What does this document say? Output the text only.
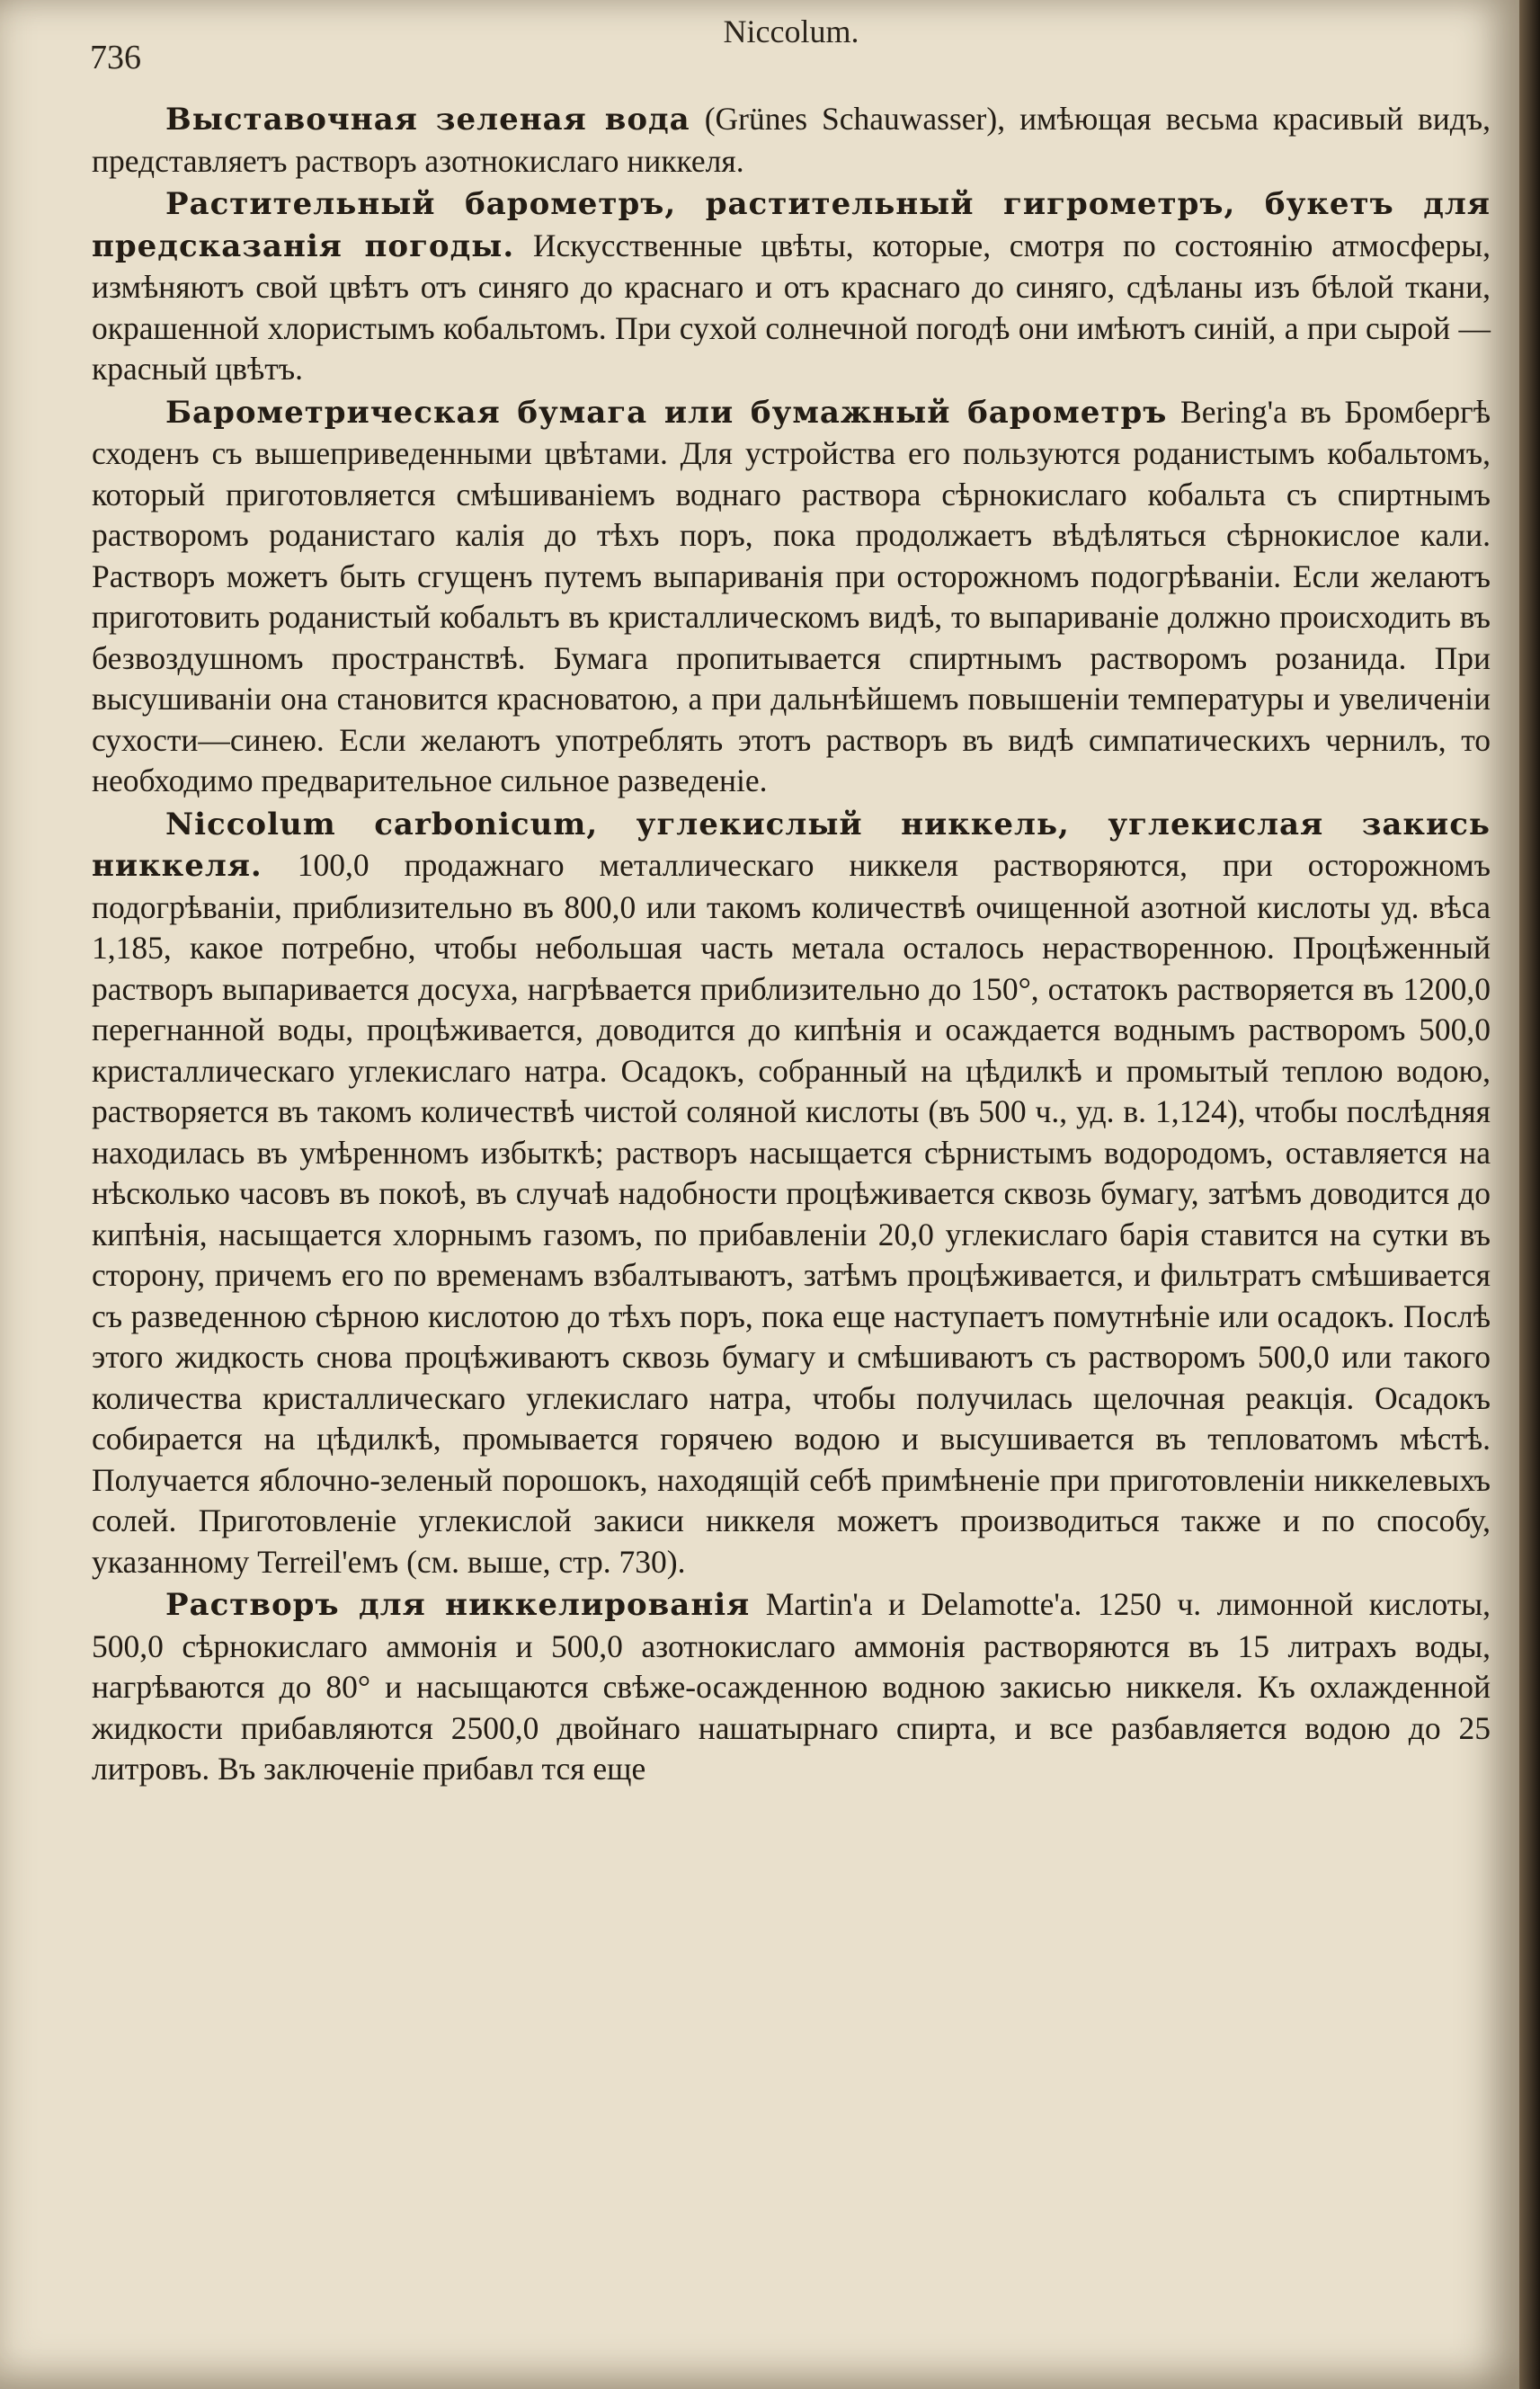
736
Niccolum.

Выставочная зеленая вода (Grünes Schauwasser), имѣющая весьма красивый видъ, представляетъ растворъ азотнокислаго никкеля.

Растительный барометръ, растительный гигрометръ, букетъ для предсказанія погоды. Искусственные цвѣты, которые, смотря по состоянію атмосферы, измѣняютъ свой цвѣтъ отъ синяго до краснаго и отъ краснаго до синяго, сдѣланы изъ бѣлой ткани, окрашенной хлористымъ кобальтомъ. При сухой солнечной погодѣ они имѣютъ синій, а при сырой — красный цвѣтъ.

Барометрическая бумага или бумажный барометръ Bering'a въ Бромбергѣ сходенъ съ вышеприведенными цвѣтами. Для устройства его пользуются роданистымъ кобальтомъ, который приготовляется смѣшиваніемъ воднаго раствора сѣрнокислаго кобальта съ спиртнымъ растворомъ роданистаго калія до тѣхъ поръ, пока продолжаетъ вѣдѣляться сѣрнокислое кали. Растворъ можетъ быть сгущенъ путемъ выпариванія при осторожномъ подогрѣваніи. Если желаютъ приготовить роданистый кобальтъ въ кристаллическомъ видѣ, то выпариваніе должно происходить въ безвоздушномъ пространствѣ. Бумага пропитывается спиртнымъ растворомъ розанида. При высушиваніи она становится красноватою, а при дальнѣйшемъ повышеніи температуры и увеличеніи сухости—синею. Если желаютъ употреблять этотъ растворъ въ видѣ симпатическихъ чернилъ, то необходимо предварительное сильное разведеніе.

Niccolum carbonicum, углекислый никкель, углекислая закись никкеля. 100,0 продажнаго металлическаго никкеля растворяются, при осторожномъ подогрѣваніи, приблизительно въ 800,0 или такомъ количествѣ очищенной азотной кислоты уд. вѣса 1,185, какое потребно, чтобы небольшая часть метала осталось нерастворенною. Процѣженный растворъ выпаривается досуха, нагрѣвается приблизительно до 150°, остатокъ растворяется въ 1200,0 перегнанной воды, процѣживается, доводится до кипѣнія и осаждается воднымъ растворомъ 500,0 кристаллическаго углекислаго натра. Осадокъ, собранный на цѣдилкѣ и промытый теплою водою, растворяется въ такомъ количествѣ чистой соляной кислоты (въ 500 ч., уд. в. 1,124), чтобы послѣдняя находилась въ умѣренномъ избыткѣ; растворъ насыщается сѣрнистымъ водородомъ, оставляется на нѣсколько часовъ въ покоѣ, въ случаѣ надобности процѣживается сквозь бумагу, затѣмъ доводится до кипѣнія, насыщается хлорнымъ газомъ, по прибавленіи 20,0 углекислаго барія ставится на сутки въ сторону, причемъ его по временамъ взбалтываютъ, затѣмъ процѣживается, и фильтратъ смѣшивается съ разведенною сѣрною кислотою до тѣхъ поръ, пока еще наступаетъ помутнѣніе или осадокъ. Послѣ этого жидкость снова процѣживаютъ сквозь бумагу и смѣшиваютъ съ растворомъ 500,0 или такого количества кристаллическаго углекислаго натра, чтобы получилась щелочная реакція. Осадокъ собирается на цѣдилкѣ, промывается горячею водою и высушивается въ тепловатомъ мѣстѣ. Получается яблочно-зеленый порошокъ, находящій себѣ примѣненіе при приготовленіи никкелевыхъ солей. Приготовленіе углекислой закиси никкеля можетъ производиться также и по способу, указанному Terreil'емъ (см. выше, стр. 730).

Растворъ для никкелированія Martin'a и Delamotte'a. 1250 ч. лимонной кислоты, 500,0 сѣрнокислаго аммонія и 500,0 азотнокислаго аммонія растворяются въ 15 литрахъ воды, нагрѣваются до 80° и насыщаются свѣже-осажденною водною закисью никкеля. Къ охлажденной жидкости прибавляются 2500,0 двойнаго нашатырнаго спирта, и все разбавляется водою до 25 литровъ. Въ заключеніе прибавл тся еще
